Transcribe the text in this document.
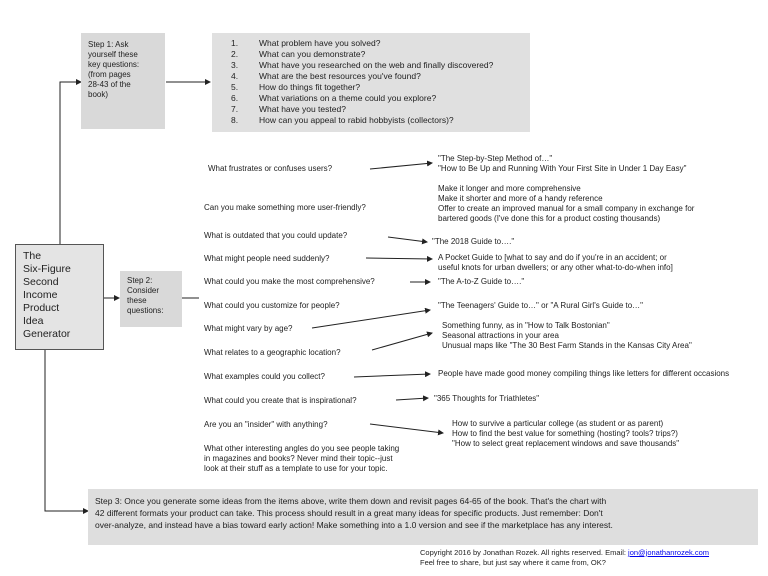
Step 1: Ask
yourself these
key questions:
(from pages
28-43 of the
book)
1. What problem have you solved?
2. What can you demonstrate?
3. What have you researched on the web and finally discovered?
4. What are the best resources you've found?
5. How do things fit together?
6. What variations on a theme could you explore?
7. What have you tested?
8. How can you appeal to rabid hobbyists (collectors)?
The
Six-Figure
Second
Income
Product
Idea
Generator
Step 2:
Consider
these
questions:
What frustrates or confuses users?
Can you make something more user-friendly?
What is outdated that you could update?
What might people need suddenly?
What could you make the most comprehensive?
What could you customize for people?
What might vary by age?
What relates to a geographic location?
What examples could you collect?
What could you create that is inspirational?
Are you an "insider" with anything?
What other interesting angles do you see people taking
in magazines and books? Never mind their topic--just
look at their stuff as a template to use for your topic.
"The Step-by-Step Method of…"
"How to Be Up and Running With Your First Site in Under 1 Day Easy"
Make it longer and more comprehensive
Make it shorter and more of a handy reference
Offer to create an improved manual for a small company in exchange for
bartered goods (I've done this for a product costing thousands)
"The 2018 Guide to…."
A Pocket Guide to [what to say and do if you're in an accident; or
useful knots for urban dwellers; or any other what-to-do-when info]
"The A-to-Z Guide to…."
"The Teenagers' Guide to…" or "A Rural Girl's Guide to…"
Something funny, as in "How to Talk Bostonian"
Seasonal attractions in your area
Unusual maps like "The 30 Best Farm Stands in the Kansas City Area"
People have made good money compiling things like letters for different occasions
"365 Thoughts for Triathletes"
How to survive a particular college (as student or as parent)
How to find the best value for something (hosting? tools? trips?)
"How to select great replacement windows and save thousands"
Step 3: Once you generate some ideas from the items above, write them down and revisit pages 64-65 of the book. That's the chart with
42 different formats your product can take. This process should result in a great many ideas for specific products. Just remember: Don't
over-analyze, and instead have a bias toward early action! Make something into a 1.0 version and see if the marketplace has any interest.
Copyright 2016 by Jonathan Rozek. All rights reserved. Email: jon@jonathanrozek.com
Feel free to share, but just say where it came from, OK?
